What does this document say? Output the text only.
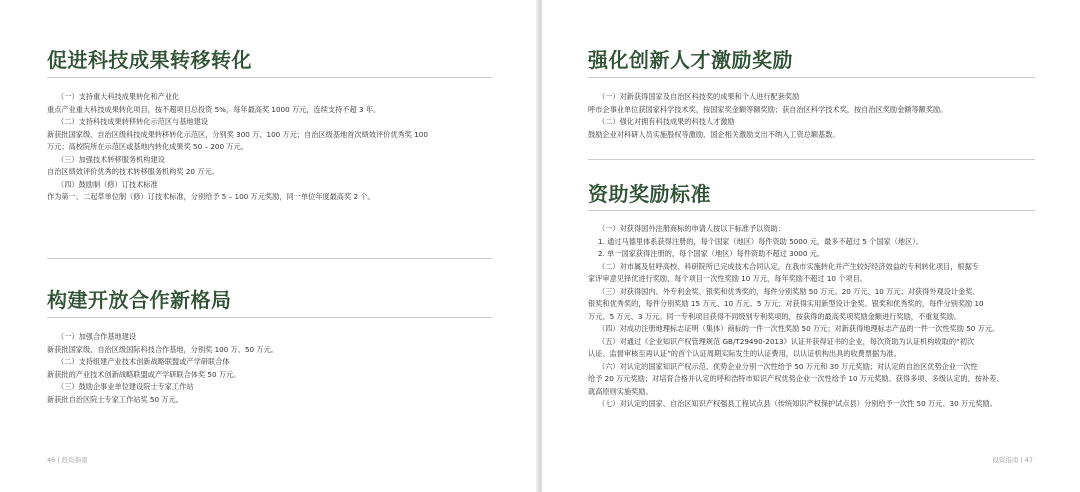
促进科技成果转移转化
（一）支持重大科技成果转化和产业化
重点产业重大科技成果转化项目，按不超项目总投资 5%，每年最高奖 1000 万元，连续支持不超 3 年。
（二）支持科技成果转移转化示范区与基地建设
新获批国家级、自治区级科技成果转移转化示范区，分别奖 300 万、100 万元；自治区级基地首次绩效评价优秀奖 100
万元；高校院所在示范区或基地内转化成果奖 50 – 200 万元。
（三）加强技术转移服务机构建设
自治区绩效评价优秀的技术转移服务机构奖 20 万元。
（四）鼓励制（修）订技术标准
作为第一、二起草单位制（修）订技术标准，分别给予 5 – 100 万元奖励，同一单位年度最高奖 2 个。
构建开放合作新格局
（一）加强合作基地建设
新获批国家级、自治区级国际科技合作基地，分别奖 100 万、50 万元。
（二）支持组建产业技术创新战略联盟或产学研联合体
新获批的产业技术创新战略联盟或产学研联合体奖 50 万元。
（三）鼓励企事业单位建设院士专家工作站
新获批自治区院士专家工作站奖 50 万元。
46 | 投资指南
强化创新人才激励奖励
（一）对新获得国家及自治区科技奖的成果和个人进行配套奖励
呼市企事业单位获国家科学技术奖，按国家奖金额等额奖励；获自治区科学技术奖，按自治区奖励金额等额奖励。
（二）强化对拥有科技成果的科技人才激励
鼓励企业对科研人员实施股权等激励，国企相关激励支出不纳入工资总额基数。
资助奖励标准
（一）对获得国外注册商标的申请人按以下标准予以资助：
1. 通过马德里体系获得注册的，每个国家（地区）每件资助 5000 元，最多不超过 5 个国家（地区）。
2. 单一国家获得注册的，每个国家（地区）每件资助不超过 3000 元。
（二）对市属及驻呼高校、科研院所已完成技术合同认定，在我市实施转化并产生较好经济效益的专利转化项目，根据专
家评审意见择优进行奖励，每个项目一次性奖励 10 万元，每年奖励不超过 10 个项目。
（三）对获得国内、外专利金奖、银奖和优秀奖的，每件分别奖励 50 万元、20 万元、10 万元；对获得外观设计金奖、
银奖和优秀奖的，每件分别奖励 15 万元、10 万元、5 万元；对获得实用新型设计金奖、银奖和优秀奖的，每件分别奖励 10
万元、5 万元、3 万元。同一专利项目获得不同级别专利奖项的，按获得的最高奖项奖励金额进行奖励，不重复奖励。
（四）对成功注册地理标志证明（集体）商标的一件一次性奖励 50 万元；对新获得地理标志产品的一件一次性奖励 50 万元。
（五）对通过《企业知识产权管理规范 GB/T29490-2013》认证并获得证书的企业，每次资助为认证机构收取的“初次
认证、监督审核至再认证”的首个认证周期实际发生的认证费用，以认证机构出具的收费票据为准。
（六）对认定的国家知识产权示范、优势企业分别一次性给予 50 万元和 30 万元奖励；对认定的自治区优势企业一次性
给予 20 万元奖励；对培育合格并认定的呼和浩特市知识产权优势企业一次性给予 10 万元奖励。获得多项、多级认定的，按补差、
就高原则实施奖励。
（七）对认定的国家、自治区知识产权强县工程试点县（传统知识产权保护试点县）分别给予一次性 50 万元、30 万元奖励。
投资指南 | 47
